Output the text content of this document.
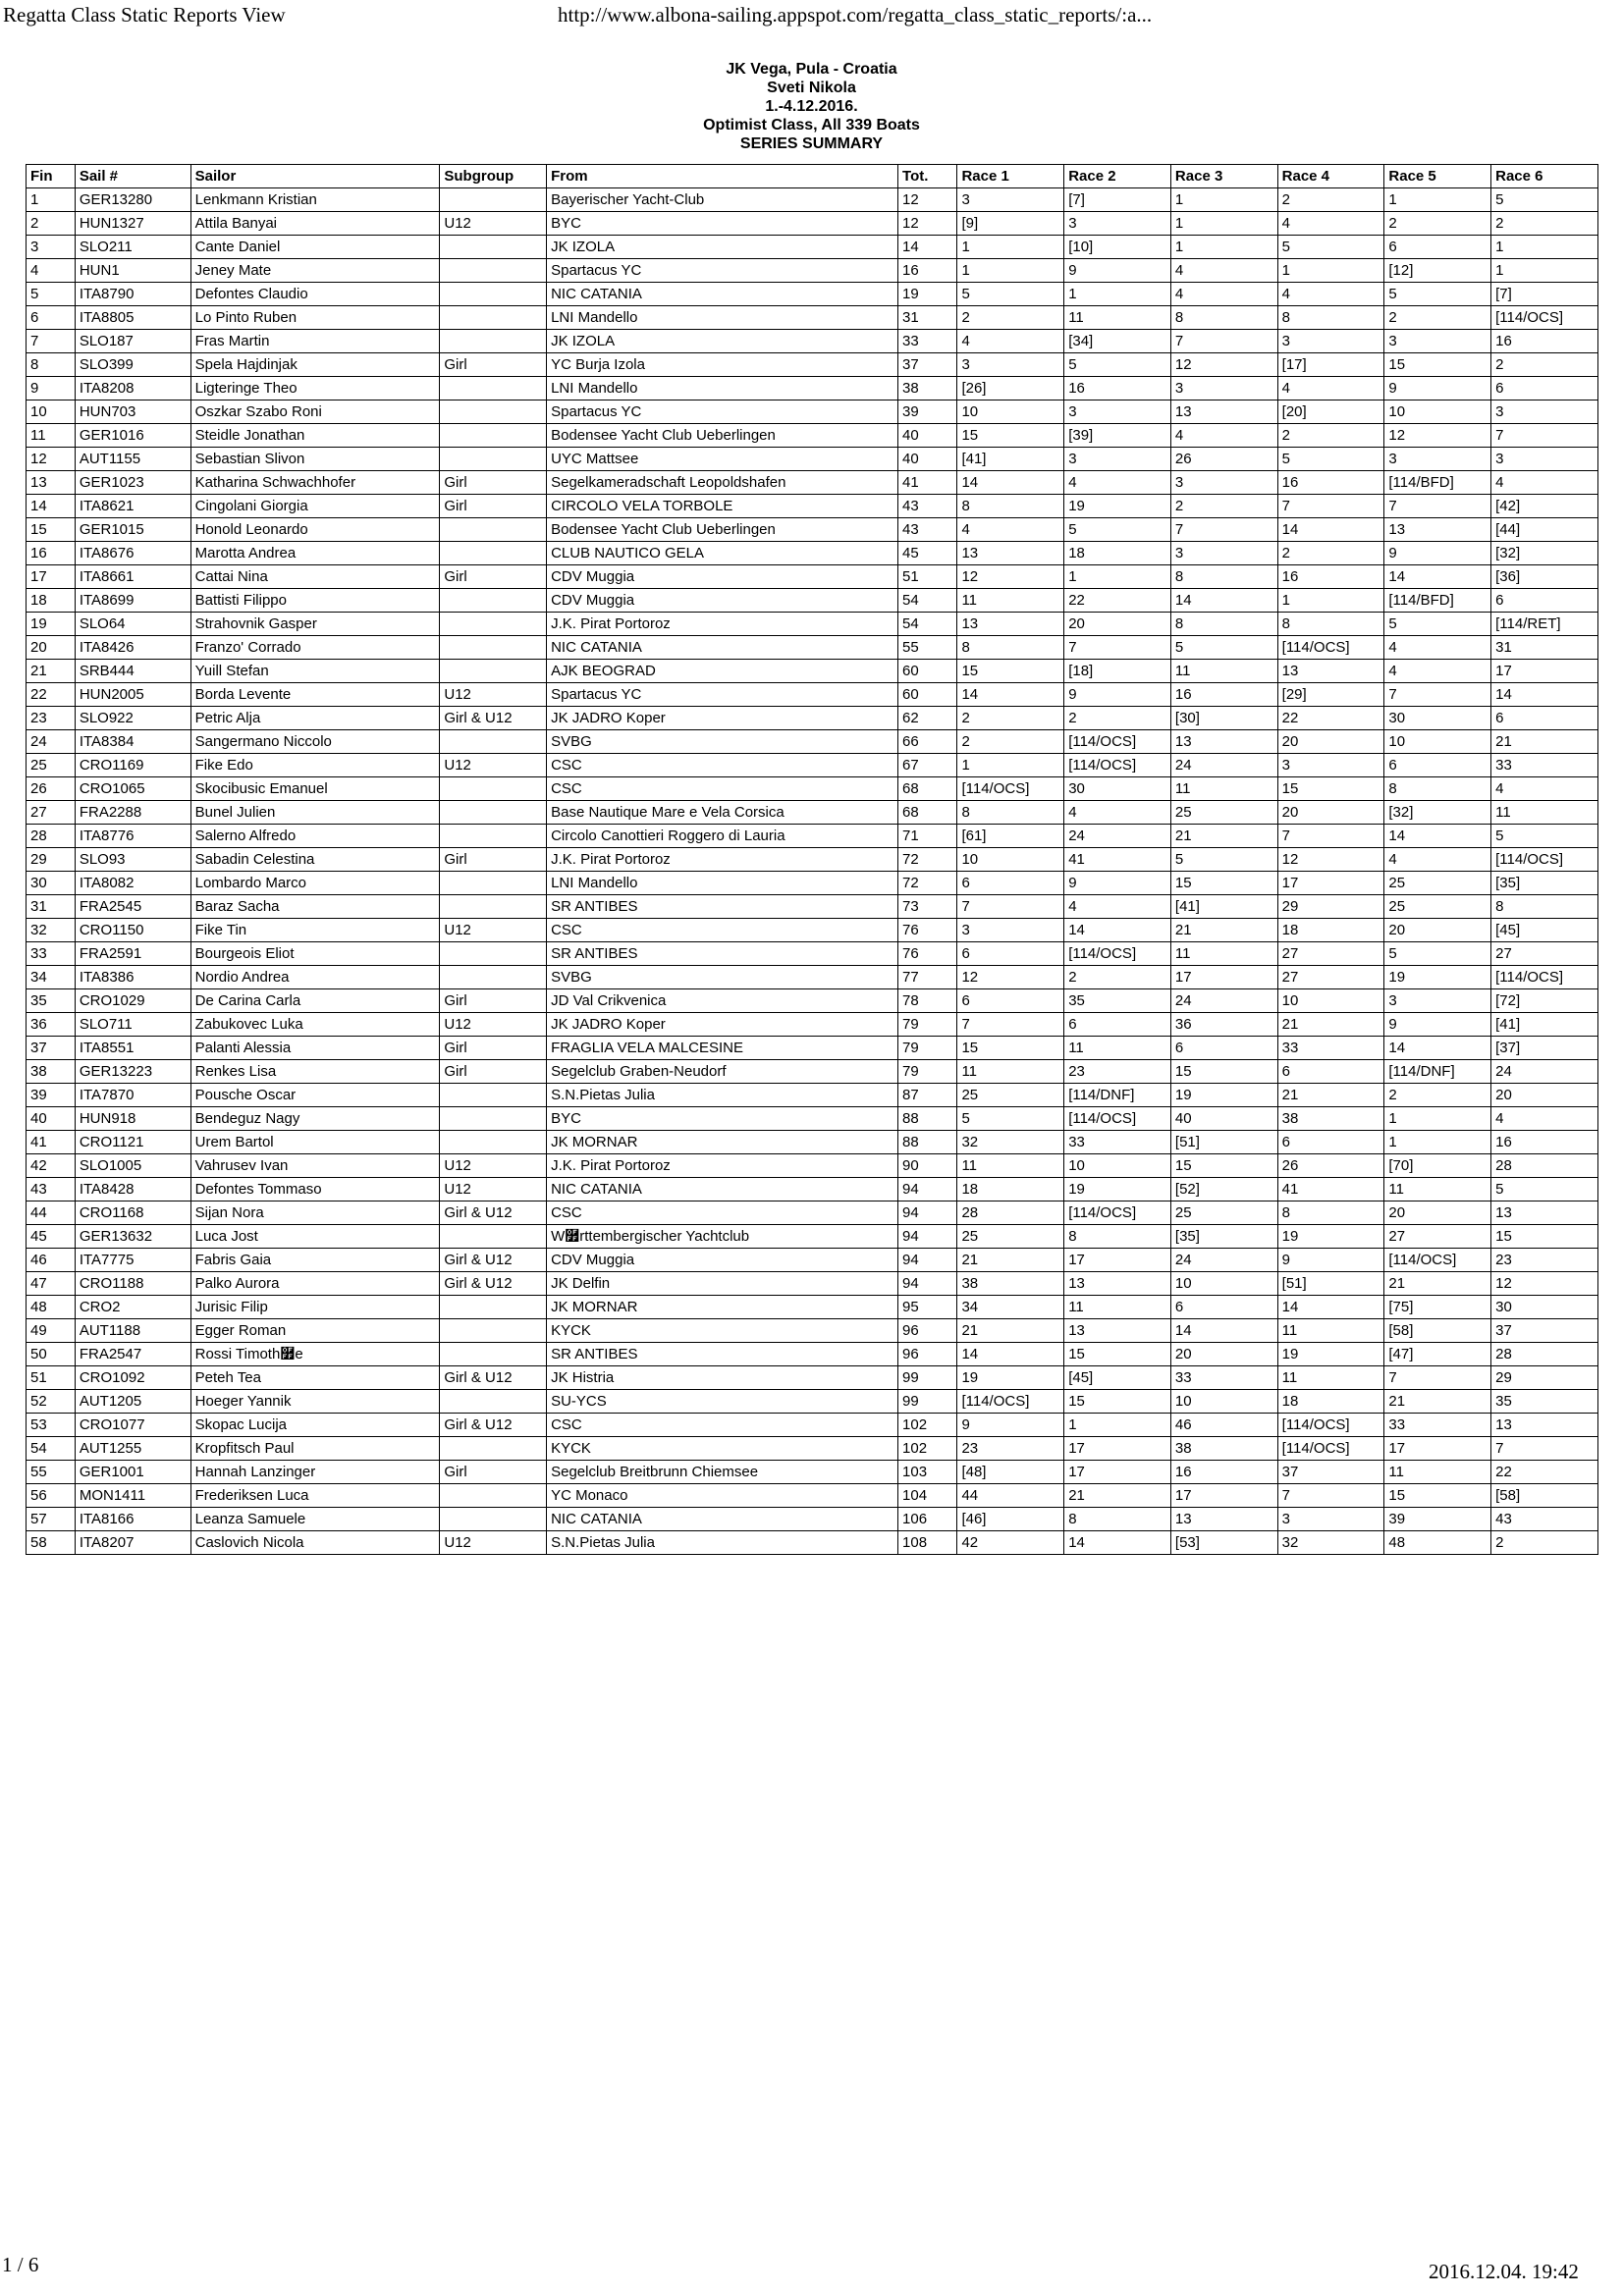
Regatta Class Static Reports View	http://www.albona-sailing.appspot.com/regatta_class_static_reports/:a...
JK Vega, Pula - Croatia
Sveti Nikola
1.-4.12.2016.
Optimist Class, All 339 Boats
SERIES SUMMARY
Fin	Sail #	Sailor	Subgroup	From	Tot.	Race 1	Race 2	Race 3	Race 4	Race 5	Race 6
1	GER13280	Lenkmann Kristian		Bayerischer Yacht-Club	12	3	[7]	1	2	1	5
2	HUN1327	Attila Banyai	U12	BYC	12	[9]	3	1	4	2	2
3	SLO211	Cante Daniel		JK IZOLA	14	1	[10]	1	5	6	1
4	HUN1	Jeney Mate		Spartacus YC	16	1	9	4	1	[12]	1
5	ITA8790	Defontes Claudio		NIC CATANIA	19	5	1	4	4	5	[7]
6	ITA8805	Lo Pinto Ruben		LNI Mandello	31	2	11	8	8	2	[114/OCS]
7	SLO187	Fras Martin		JK IZOLA	33	4	[34]	7	3	3	16
8	SLO399	Spela Hajdinjak	Girl	YC Burja Izola	37	3	5	12	[17]	15	2
9	ITA8208	Ligteringe Theo		LNI Mandello	38	[26]	16	3	4	9	6
10	HUN703	Oszkar Szabo Roni		Spartacus YC	39	10	3	13	[20]	10	3
11	GER1016	Steidle Jonathan		Bodensee Yacht Club Ueberlingen	40	15	[39]	4	2	12	7
12	AUT1155	Sebastian Slivon		UYC Mattsee	40	[41]	3	26	5	3	3
13	GER1023	Katharina Schwachhofer	Girl	Segelkameradschaft Leopoldshafen	41	14	4	3	16	[114/BFD]	4
14	ITA8621	Cingolani Giorgia	Girl	CIRCOLO VELA TORBOLE	43	8	19	2	7	7	[42]
15	GER1015	Honold Leonardo		Bodensee Yacht Club Ueberlingen	43	4	5	7	14	13	[44]
16	ITA8676	Marotta Andrea		CLUB NAUTICO GELA	45	13	18	3	2	9	[32]
17	ITA8661	Cattai Nina	Girl	CDV Muggia	51	12	1	8	16	14	[36]
18	ITA8699	Battisti Filippo		CDV Muggia	54	11	22	14	1	[114/BFD]	6
19	SLO64	Strahovnik Gasper		J.K. Pirat Portoroz	54	13	20	8	8	5	[114/RET]
20	ITA8426	Franzo' Corrado		NIC CATANIA	55	8	7	5	[114/OCS]	4	31
21	SRB444	Yuill Stefan		AJK BEOGRAD	60	15	[18]	11	13	4	17
22	HUN2005	Borda Levente	U12	Spartacus YC	60	14	9	16	[29]	7	14
23	SLO922	Petric Alja	Girl & U12	JK JADRO Koper	62	2	2	[30]	22	30	6
24	ITA8384	Sangermano Niccolo		SVBG	66	2	[114/OCS]	13	20	10	21
25	CRO1169	Fike Edo	U12	CSC	67	1	[114/OCS]	24	3	6	33
26	CRO1065	Skocibusic Emanuel		CSC	68	[114/OCS]	30	11	15	8	4
27	FRA2288	Bunel Julien		Base Nautique Mare e Vela Corsica	68	8	4	25	20	[32]	11
28	ITA8776	Salerno Alfredo		Circolo Canottieri Roggero di Lauria	71	[61]	24	21	7	14	5
29	SLO93	Sabadin Celestina	Girl	J.K. Pirat Portoroz	72	10	41	5	12	4	[114/OCS]
30	ITA8082	Lombardo Marco		LNI Mandello	72	6	9	15	17	25	[35]
31	FRA2545	Baraz Sacha		SR ANTIBES	73	7	4	[41]	29	25	8
32	CRO1150	Fike Tin	U12	CSC	76	3	14	21	18	20	[45]
33	FRA2591	Bourgeois Eliot		SR ANTIBES	76	6	[114/OCS]	11	27	5	27
34	ITA8386	Nordio Andrea		SVBG	77	12	2	17	27	19	[114/OCS]
35	CRO1029	De Carina Carla	Girl	JD Val Crikvenica	78	6	35	24	10	3	[72]
36	SLO711	Zabukovec Luka	U12	JK JADRO Koper	79	7	6	36	21	9	[41]
37	ITA8551	Palanti Alessia	Girl	FRAGLIA VELA MALCESINE	79	15	11	6	33	14	[37]
38	GER13223	Renkes Lisa	Girl	Segelclub Graben-Neudorf	79	11	23	15	6	[114/DNF]	24
39	ITA7870	Pousche Oscar		S.N.Pietas Julia	87	25	[114/DNF]	19	21	2	20
40	HUN918	Bendeguz Nagy		BYC	88	5	[114/OCS]	40	38	1	4
41	CRO1121	Urem Bartol		JK MORNAR	88	32	33	[51]	6	1	16
42	SLO1005	Vahrusev Ivan	U12	J.K. Pirat Portoroz	90	11	10	15	26	[70]	28
43	ITA8428	Defontes Tommaso	U12	NIC CATANIA	94	18	19	[52]	41	11	5
44	CRO1168	Sijan Nora	Girl & U12	CSC	94	28	[114/OCS]	25	8	20	13
45	GER13632	Luca Jost		W࿿rttembergischer Yachtclub	94	25	8	[35]	19	27	15
46	ITA7775	Fabris Gaia	Girl & U12	CDV Muggia	94	21	17	24	9	[114/OCS]	23
47	CRO1188	Palko Aurora	Girl & U12	JK Delfin	94	38	13	10	[51]	21	12
48	CRO2	Jurisic Filip		JK MORNAR	95	34	11	6	14	[75]	30
49	AUT1188	Egger Roman		KYCK	96	21	13	14	11	[58]	37
50	FRA2547	Rossi Timoth࿿e		SR ANTIBES	96	14	15	20	19	[47]	28
51	CRO1092	Peteh Tea	Girl & U12	JK Histria	99	19	[45]	33	11	7	29
52	AUT1205	Hoeger Yannik		SU-YCS	99	[114/OCS]	15	10	18	21	35
53	CRO1077	Skopac Lucija	Girl & U12	CSC	102	9	1	46	[114/OCS]	33	13
54	AUT1255	Kropfitsch Paul		KYCK	102	23	17	38	[114/OCS]	17	7
55	GER1001	Hannah Lanzinger	Girl	Segelclub Breitbrunn Chiemsee	103	[48]	17	16	37	11	22
56	MON1411	Frederiksen Luca		YC Monaco	104	44	21	17	7	15	[58]
57	ITA8166	Leanza Samuele		NIC CATANIA	106	[46]	8	13	3	39	43
58	ITA8207	Caslovich Nicola	U12	S.N.Pietas Julia	108	42	14	[53]	32	48	2
1 / 6	2016.12.04. 19:42
